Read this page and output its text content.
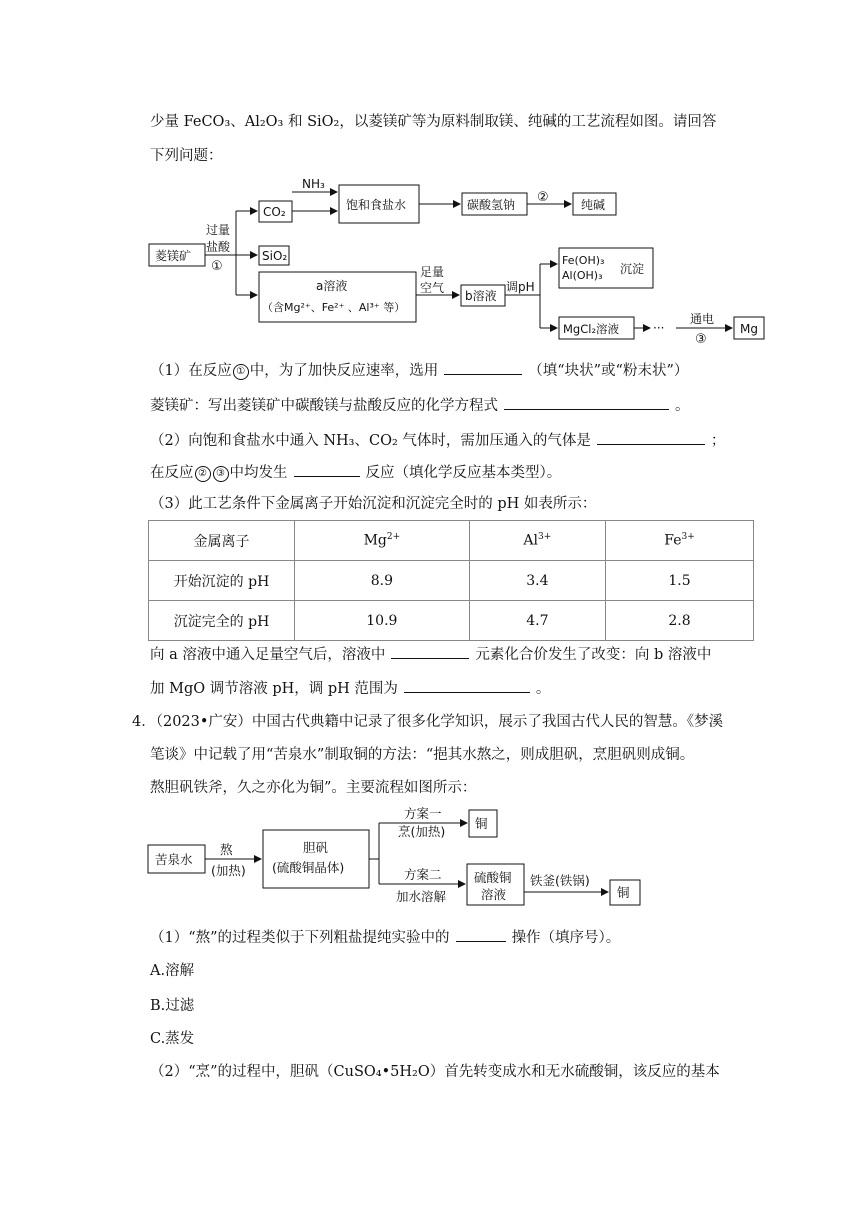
少量 FeCO₃、Al₂O₃ 和 SiO₂，以菱镁矿等为原料制取镁、纯碱的工艺流程如图。请回答
下列问题：
NH₃
CO₂	饱和食盐水	碳酸氢钠 ②	纯碱
过量
盐酸
①
菱镁矿	SiO₂
a溶液
（含Mg²⁺、Fe²⁺ 、Al³⁺ 等）
足量
空气
b溶液
调pH
Fe(OH)₃
Al(OH)₃ 沉淀
MgCl₂溶液	···
通电
③
Mg
（1）在反应 ① 中，为了加快反应速率，选用	（填“块状”或“粉末状”）
菱镁矿：写出菱镁矿中碳酸镁与盐酸反应的化学方程式	。
（2）向饱和食盐水中通入 NH₃、CO₂ 气体时，需加压通入的气体是	；
在反应 ② ③ 中均发生	反应（填化学反应基本类型）。
（3）此工艺条件下金属离子开始沉淀和沉淀完全时的 pH 如表所示：
金属离子	$Mg^{2+}$	$Al^{3+}$	$Fe^{3+}$
开始沉淀的 pH	8.9	3.4	1.5
沉淀完全的 pH	10.9	4.7	2.8
向 a 溶液中通入足量空气后，溶液中	元素化合价发生了改变：向 b 溶液中
加 MgO 调节溶液 pH，调 pH 范围为	。
4．（2023•广安）中国古代典籍中记录了很多化学知识，展示了我国古代人民的智慧。《梦溪
笔谈》中记载了用“苦泉水”制取铜的方法：“挹其水熬之，则成胆矾，烹胆矾则成铜。
熬胆矾铁斧，久之亦化为铜”。主要流程如图所示：
苦泉水
熬
(加热)
胆矾
(硫酸铜晶体)
方案一
烹(加热)
铜
方案二
加水溶解
硫酸铜
溶液
铁釜(铁锅)
铜
（1）“熬”的过程类似于下列粗盐提纯实验中的	操作（填序号）。
A.溶解
B.过滤
C.蒸发
（2）“烹”的过程中，胆矾（CuSO₄•5H₂O）首先转变成水和无水硫酸铜，该反应的基本
